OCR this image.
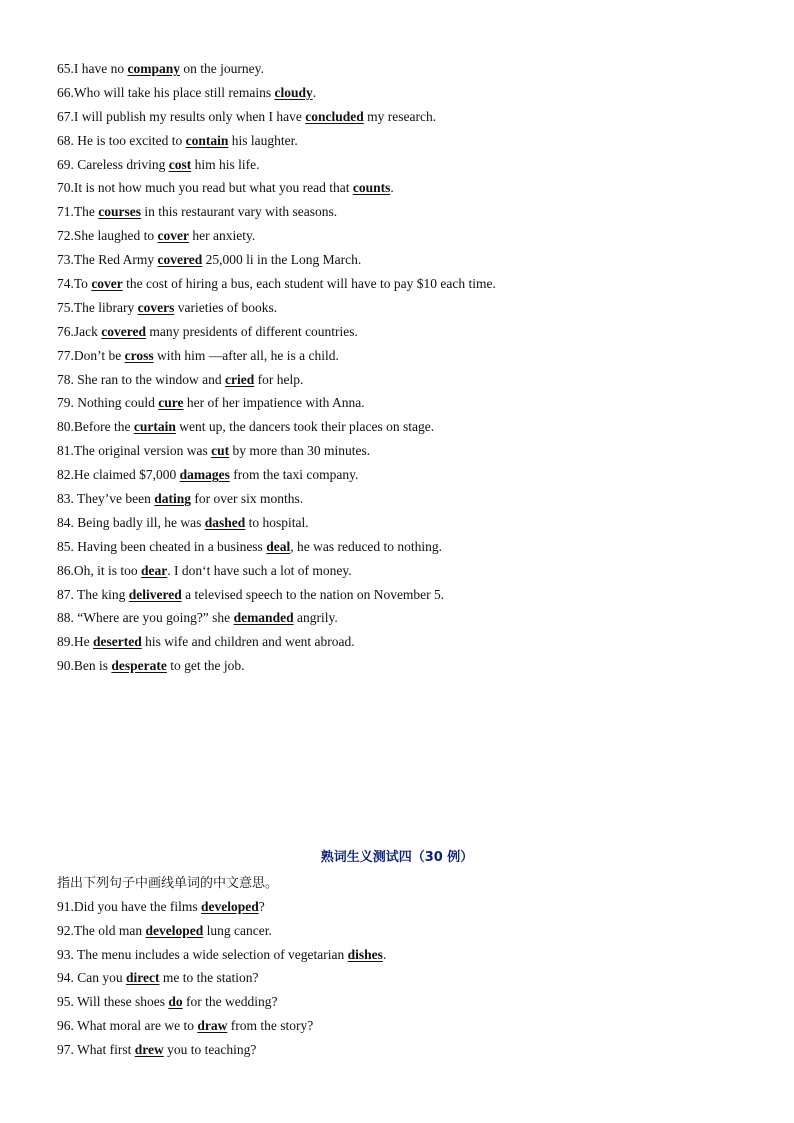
65.I have no company on the journey.
66.Who will take his place still remains cloudy.
67.I will publish my results only when I have concluded my research.
68. He is too excited to contain his laughter.
69. Careless driving cost him his life.
70.It is not how much you read but what you read that counts.
71.The courses in this restaurant vary with seasons.
72.She laughed to cover her anxiety.
73.The Red Army covered 25,000 li in the Long March.
74.To cover the cost of hiring a bus, each student will have to pay $10 each time.
75.The library covers varieties of books.
76.Jack covered many presidents of different countries.
77.Don’t be cross with him —after all, he is a child.
78. She ran to the window and cried for help.
79. Nothing could cure her of her impatience with Anna.
80.Before the curtain went up, the dancers took their places on stage.
81.The original version was cut by more than 30 minutes.
82.He claimed $7,000 damages from the taxi company.
83. They’ve been dating for over six months.
84. Being badly ill, he was dashed to hospital.
85. Having been cheated in a business deal, he was reduced to nothing.
86.Oh, it is too dear. I don‘t have such a lot of money.
87. The king delivered a televised speech to the nation on November 5.
88. “Where are you going?” she demanded angrily.
89.He deserted his wife and children and went abroad.
90.Ben is desperate to get the job.
熟词生义测试四（30 例）
指出下列句子中画线单词的中文意思。
91.Did you have the films developed?
92.The old man developed lung cancer.
93. The menu includes a wide selection of vegetarian dishes.
94. Can you direct me to the station?
95. Will these shoes do for the wedding?
96. What moral are we to draw from the story?
97. What first drew you to teaching?
